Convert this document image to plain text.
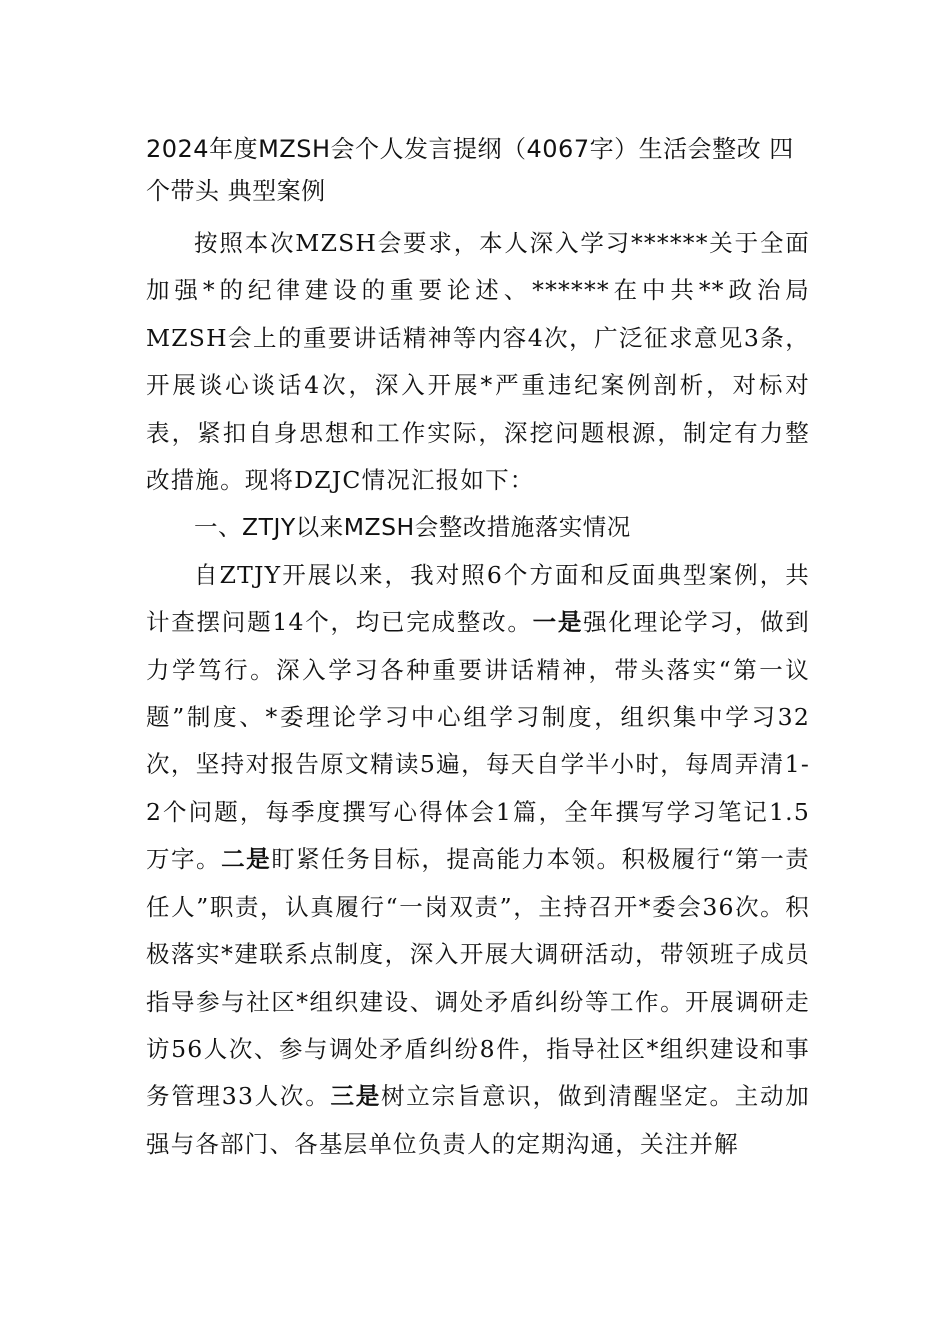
2024年度MZSH会个人发言提纲（4067字）生活会整改 四个带头 典型案例

按照本次MZSH会要求，本人深入学习******关于全面加强*的纪律建设的重要论述、******在中共**政治局MZSH会上的重要讲话精神等内容4次，广泛征求意见3条，开展谈心谈话4次，深入开展*严重违纪案例剖析，对标对表，紧扣自身思想和工作实际，深挖问题根源，制定有力整改措施。现将DZJC情况汇报如下：

一、ZTJY以来MZSH会整改措施落实情况

自ZTJY开展以来，我对照6个方面和反面典型案例，共计查摆问题14个，均已完成整改。一是强化理论学习，做到力学笃行。深入学习各种重要讲话精神，带头落实“第一议题”制度、*委理论学习中心组学习制度，组织集中学习32次，坚持对报告原文精读5遍，每天自学半小时，每周弄清1-2个问题，每季度撰写心得体会1篇，全年撰写学习笔记1.5万字。二是盯紧任务目标，提高能力本领。积极履行“第一责任人”职责，认真履行“一岗双责”，主持召开*委会36次。积极落实*建联系点制度，深入开展大调研活动，带领班子成员指导参与社区*组织建设、调处矛盾纠纷等工作。开展调研走访56人次、参与调处矛盾纠纷8件，指导社区*组织建设和事务管理33人次。三是树立宗旨意识，做到清醒坚定。主动加强与各部门、各基层单位负责人的定期沟通，关注并解
